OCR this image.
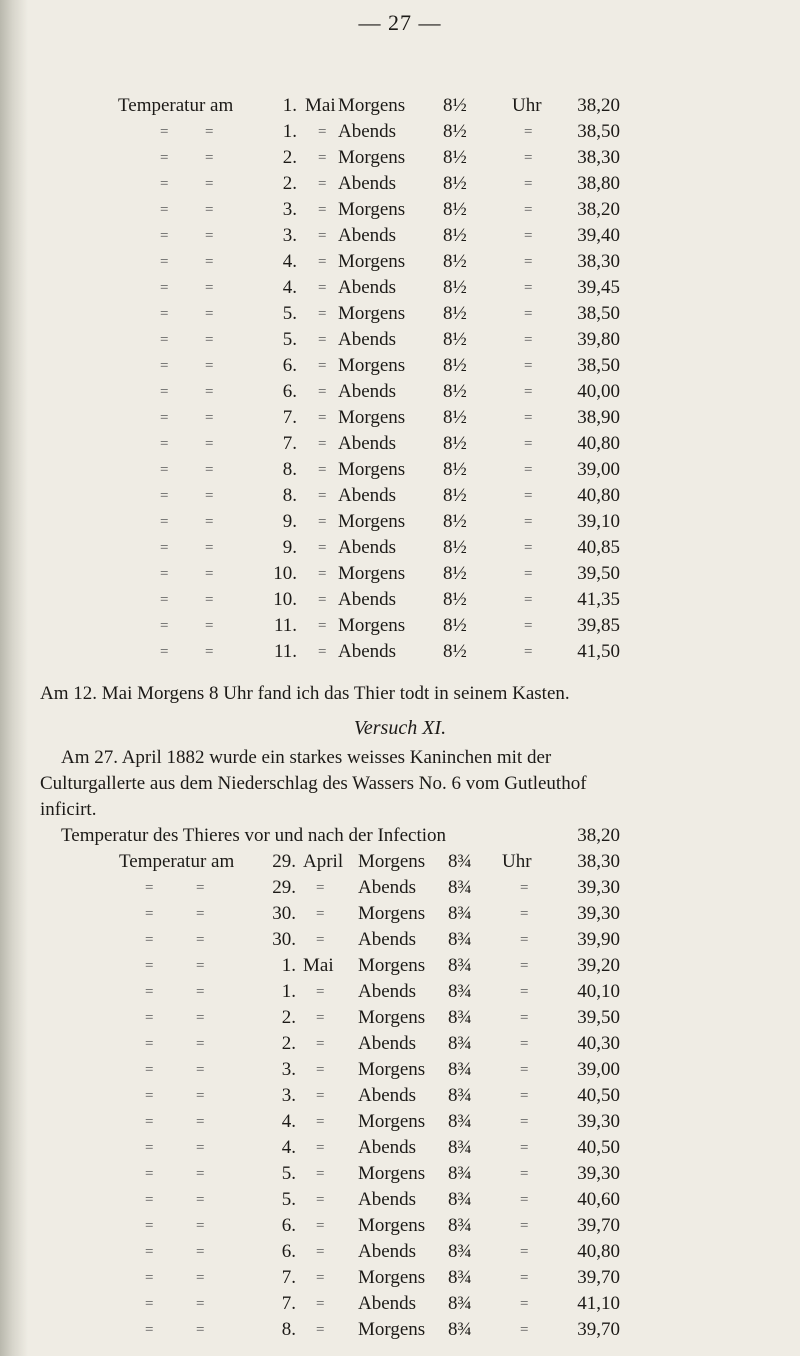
— 27 —
Temperatur am	1. Mai Morgens 8½ Uhr	38,20
= =	1. = Abends 8½	=	38,50
= =	2. = Morgens 8½	=	38,30
= =	2. = Abends 8½	=	38,80
= =	3. = Morgens 8½	=	38,20
= =	3. = Abends 8½	=	39,40
= =	4. = Morgens 8½	=	38,30
= =	4. = Abends 8½	=	39,45
= =	5. = Morgens 8½	=	38,50
= =	5. = Abends 8½	=	39,80
= =	6. = Morgens 8½	=	38,50
= =	6. = Abends 8½	=	40,00
= =	7. = Morgens 8½	=	38,90
= =	7. = Abends 8½	=	40,80
= =	8. = Morgens 8½	=	39,00
= =	8. = Abends 8½	=	40,80
= =	9. = Morgens 8½	=	39,10
= =	9. = Abends 8½	=	40,85
= =	10. = Morgens 8½	=	39,50
= =	10. = Abends 8½	=	41,35
= =	11. = Morgens 8½	=	39,85
= =	11. = Abends 8½	=	41,50
Am 12. Mai Morgens 8 Uhr fand ich das Thier todt in seinem Kasten.
Versuch XI.
Am 27. April 1882 wurde ein starkes weisses Kaninchen mit der
Culturgallerte aus dem Niederschlag des Wassers No. 6 vom Gutleuthof
inficirt.
Temperatur des Thieres vor und nach der Infection	38,20
Temperatur am	29. April Morgens 8¾ Uhr	38,30
=	=	29. = Abends 8¾	=	39,30
=	=	30. = Morgens 8¾	=	39,30
=	=	30. = Abends 8¾	=	39,90
=	=	1. Mai Morgens 8¾	=	39,20
=	=	1. = Abends 8¾	=	40,10
=	=	2. = Morgens 8¾	=	39,50
=	=	2. = Abends 8¾	=	40,30
=	=	3. = Morgens 8¾	=	39,00
=	=	3. = Abends 8¾	=	40,50
=	=	4. = Morgens 8¾	=	39,30
=	=	4. = Abends 8¾	=	40,50
=	=	5. = Morgens 8¾	=	39,30
=	=	5. = Abends 8¾	=	40,60
=	=	6. = Morgens 8¾	=	39,70
=	=	6. = Abends 8¾	=	40,80
=	=	7. = Morgens 8¾	=	39,70
=	=	7. = Abends 8¾	=	41,10
=	=	8. = Morgens 8¾	=	39,70
